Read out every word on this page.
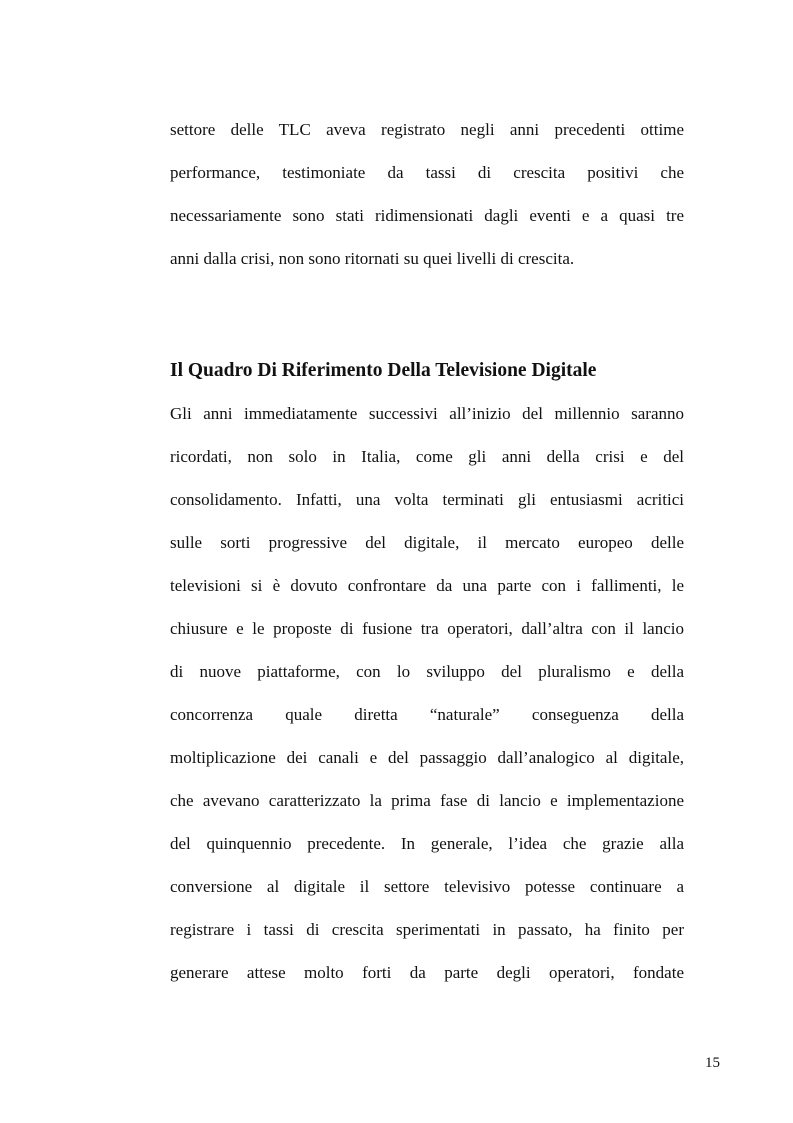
settore delle TLC aveva registrato negli anni precedenti ottime

performance, testimoniate da tassi di crescita positivi che

necessariamente sono stati ridimensionati dagli eventi e a quasi tre

anni dalla crisi, non sono ritornati su quei livelli di crescita.

Il Quadro Di Riferimento Della Televisione Digitale

Gli anni immediatamente successivi all’inizio del millennio saranno

ricordati, non solo in Italia, come gli anni della crisi e del

consolidamento. Infatti, una volta terminati gli entusiasmi acritici

sulle sorti progressive del digitale, il mercato europeo delle

televisioni si è dovuto confrontare da una parte con i fallimenti, le

chiusure e le proposte di fusione tra operatori, dall’altra con il lancio

di nuove piattaforme, con lo sviluppo del pluralismo e della

concorrenza quale diretta “naturale” conseguenza della

moltiplicazione dei canali e del passaggio dall’analogico al digitale,

che avevano caratterizzato la prima fase di lancio e implementazione

del quinquennio precedente. In generale, l’idea che grazie alla

conversione al digitale il settore televisivo potesse continuare a

registrare i tassi di crescita sperimentati in passato, ha finito per

generare attese molto forti da parte degli operatori, fondate

15
